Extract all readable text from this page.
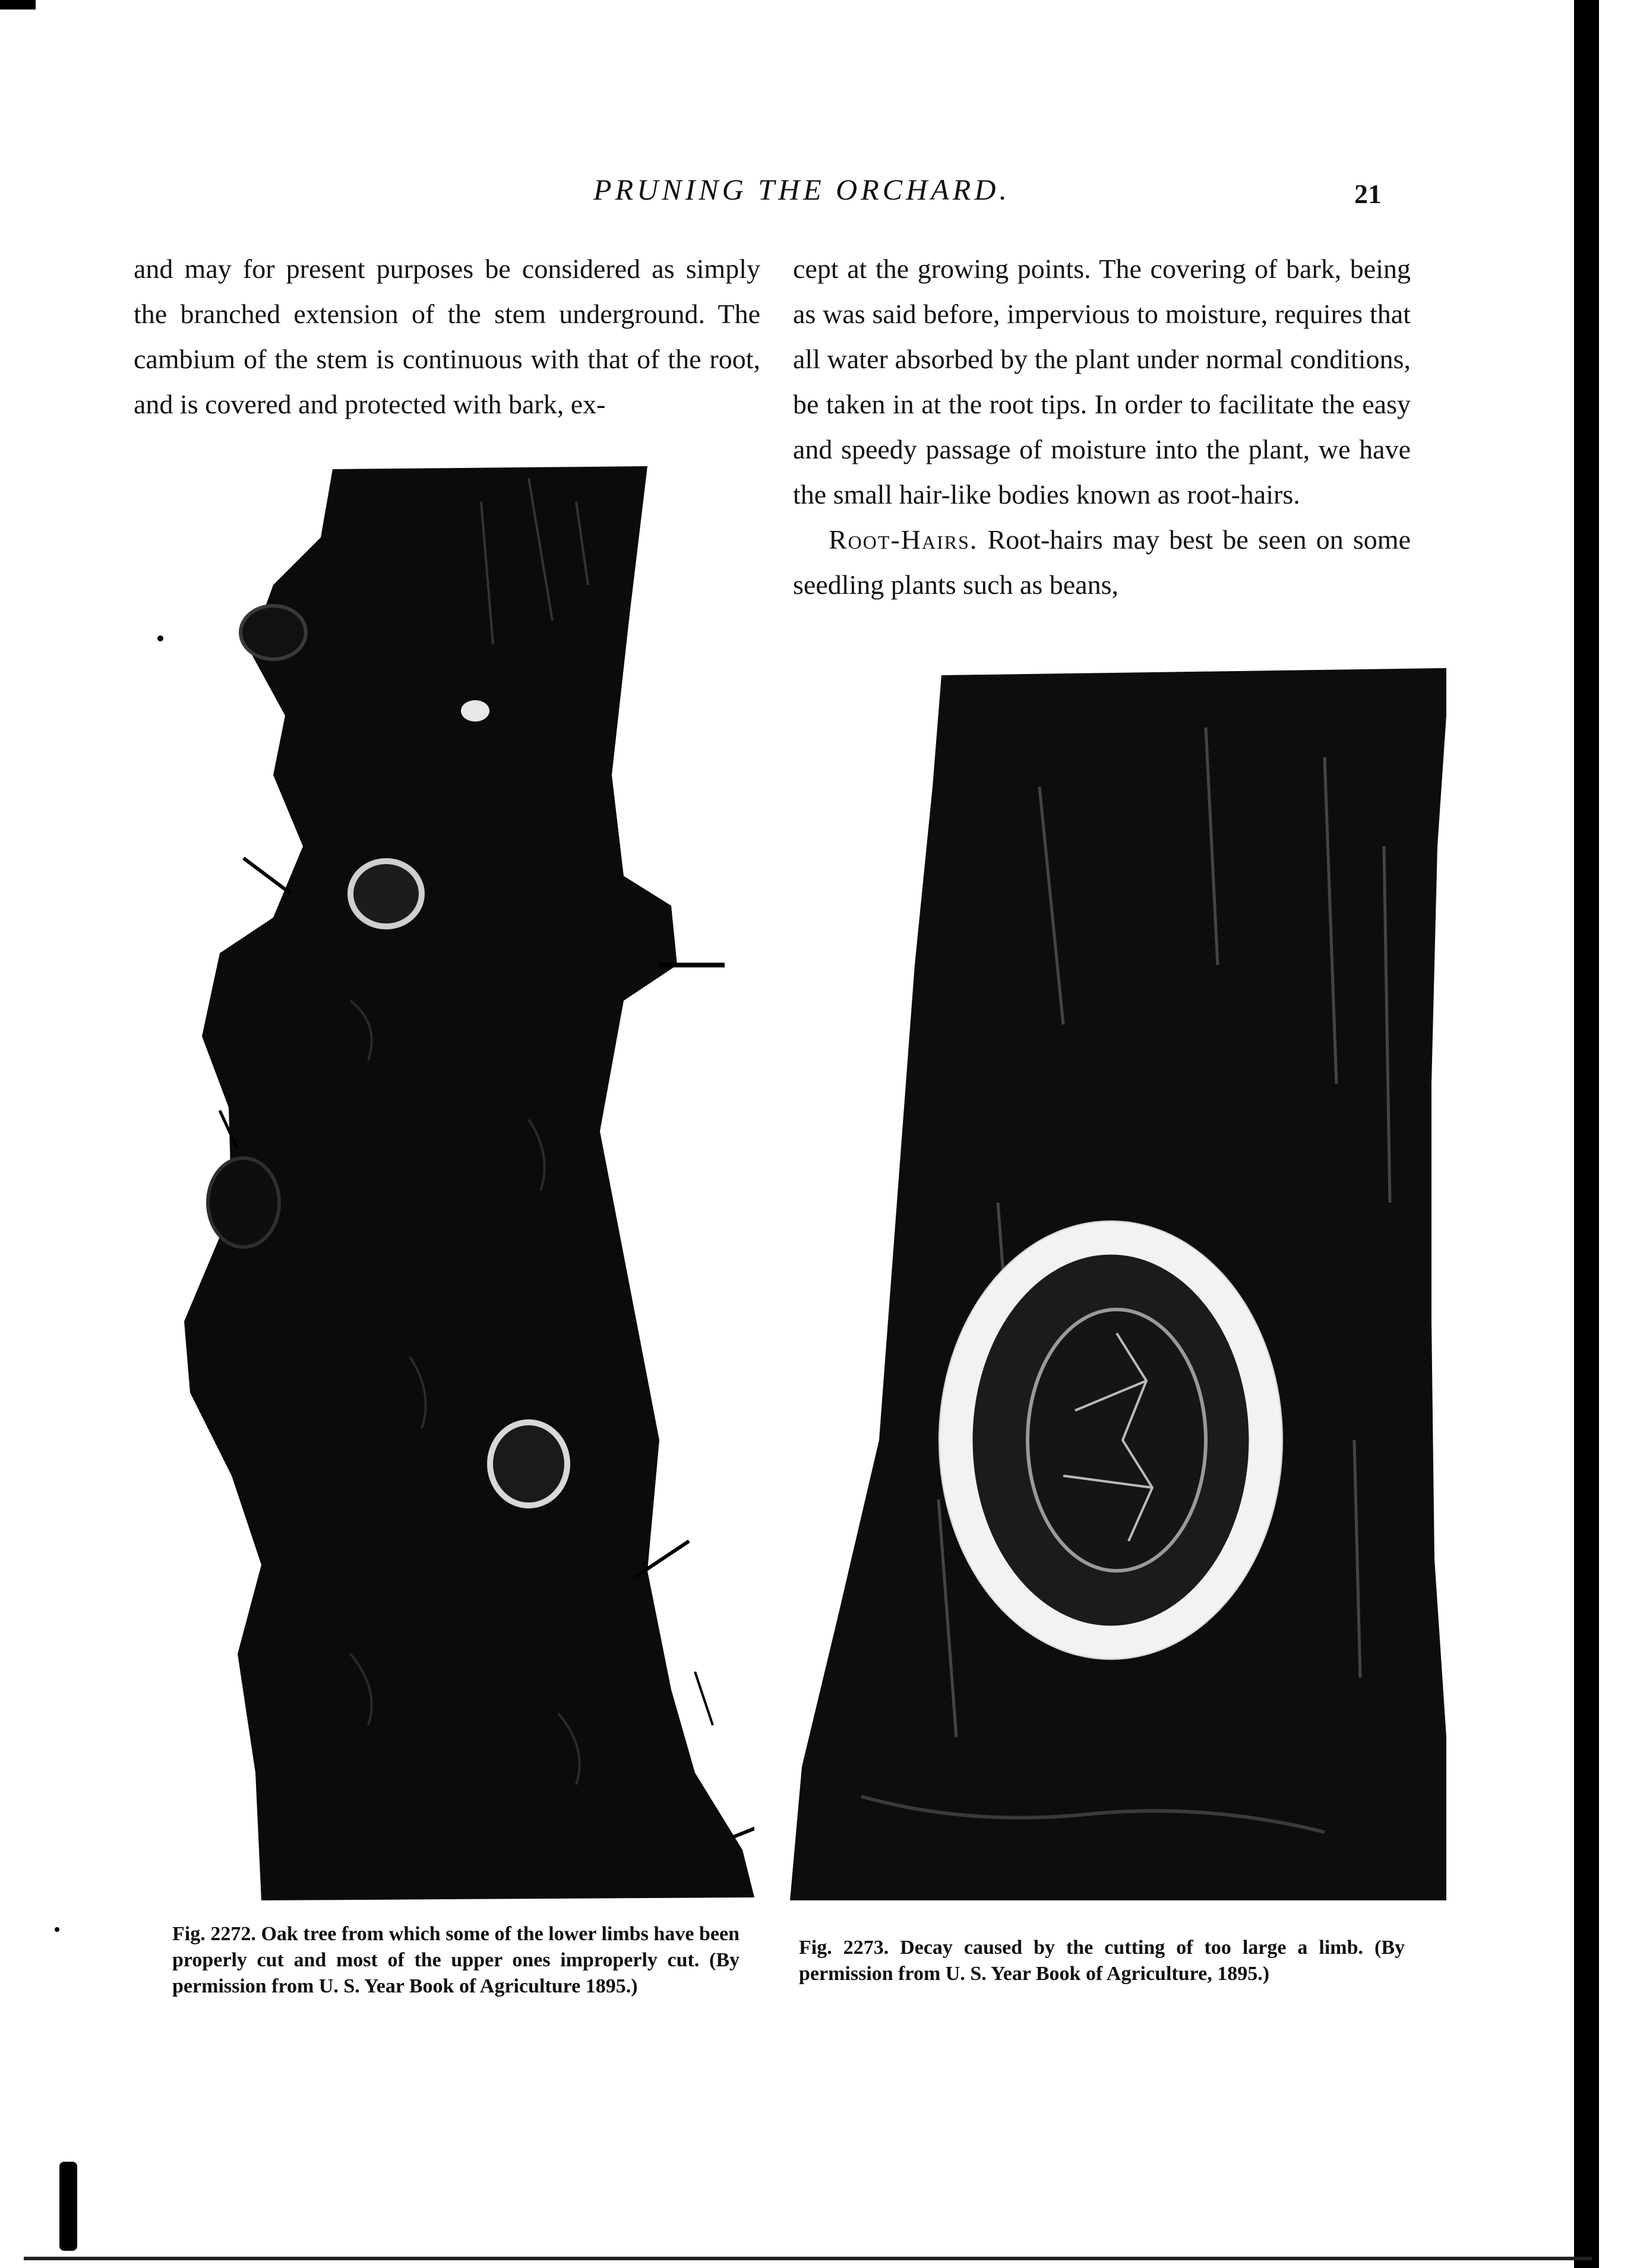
PRUNING THE ORCHARD.	21

and may for present purposes be considered as simply the branched extension of the stem underground. The cambium of the stem is continuous with that of the root, and is covered and protected with bark, ex-

cept at the growing points. The covering of bark, being as was said before, impervious to moisture, requires that all water absorbed by the plant under normal conditions, be taken in at the root tips. In order to facilitate the easy and speedy passage of moisture into the plant, we have the small hair-like bodies known as root-hairs.

Root-Hairs. Root-hairs may best be seen on some seedling plants such as beans,

Fig. 2272. Oak tree from which some of the lower limbs have been properly cut and most of the upper ones improperly cut. (By permission from U. S. Year Book of Agriculture 1895.)
Fig. 2273. Decay caused by the cutting of too large a limb. (By permission from U. S. Year Book of Agriculture, 1895.)
